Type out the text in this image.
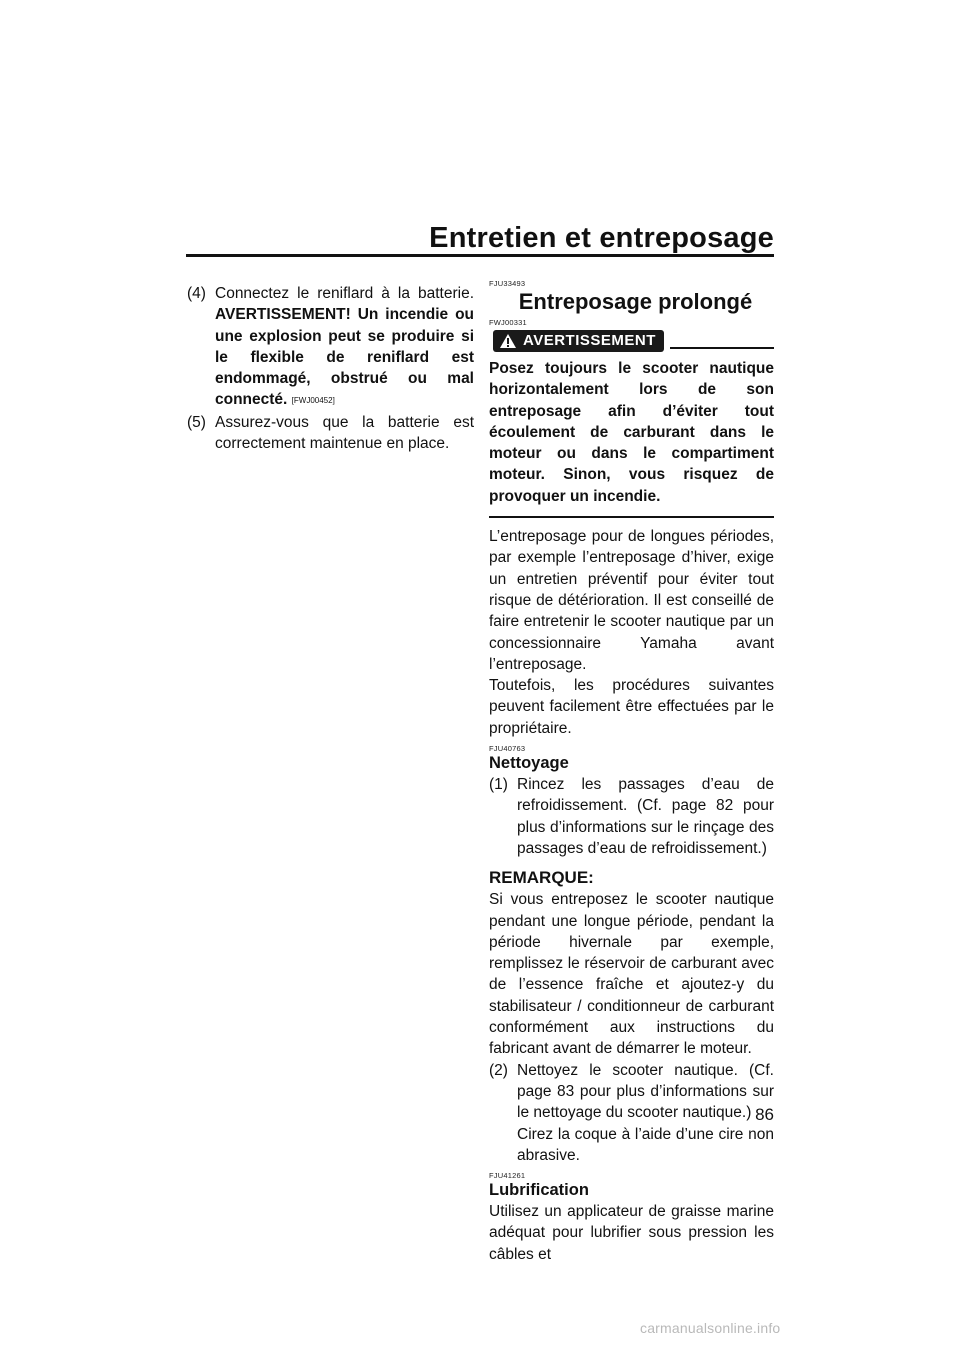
Entretien et entreposage
(4) Connectez le reniflard à la batterie. AVERTISSEMENT! Un incendie ou une explosion peut se produire si le flexible de reniflard est endommagé, obstrué ou mal connecté. [FWJ00452]
(5) Assurez-vous que la batterie est correctement maintenue en place.
FJU33493
Entreposage prolongé
FWJ00331
AVERTISSEMENT
Posez toujours le scooter nautique horizontalement lors de son entreposage afin d’éviter tout écoulement de carburant dans le moteur ou dans le compartiment moteur. Sinon, vous risquez de provoquer un incendie.
L’entreposage pour de longues périodes, par exemple l’entreposage d’hiver, exige un entretien préventif pour éviter tout risque de détérioration. Il est conseillé de faire entretenir le scooter nautique par un concessionnaire Yamaha avant l’entreposage.
Toutefois, les procédures suivantes peuvent facilement être effectuées par le propriétaire.
FJU40763
Nettoyage
(1) Rincez les passages d’eau de refroidissement. (Cf. page 82 pour plus d’informations sur le rinçage des passages d’eau de refroidissement.)
REMARQUE:
Si vous entreposez le scooter nautique pendant une longue période, pendant la période hivernale par exemple, remplissez le réservoir de carburant avec de l’essence fraîche et ajoutez-y du stabilisateur / conditionneur de carburant conformément aux instructions du fabricant avant de démarrer le moteur.
(2) Nettoyez le scooter nautique. (Cf. page 83 pour plus d’informations sur le nettoyage du scooter nautique.)
Cirez la coque à l’aide d’une cire non abrasive.
FJU41261
Lubrification
Utilisez un applicateur de graisse marine adéquat pour lubrifier sous pression les câbles et
86
carmanualsonline.info
